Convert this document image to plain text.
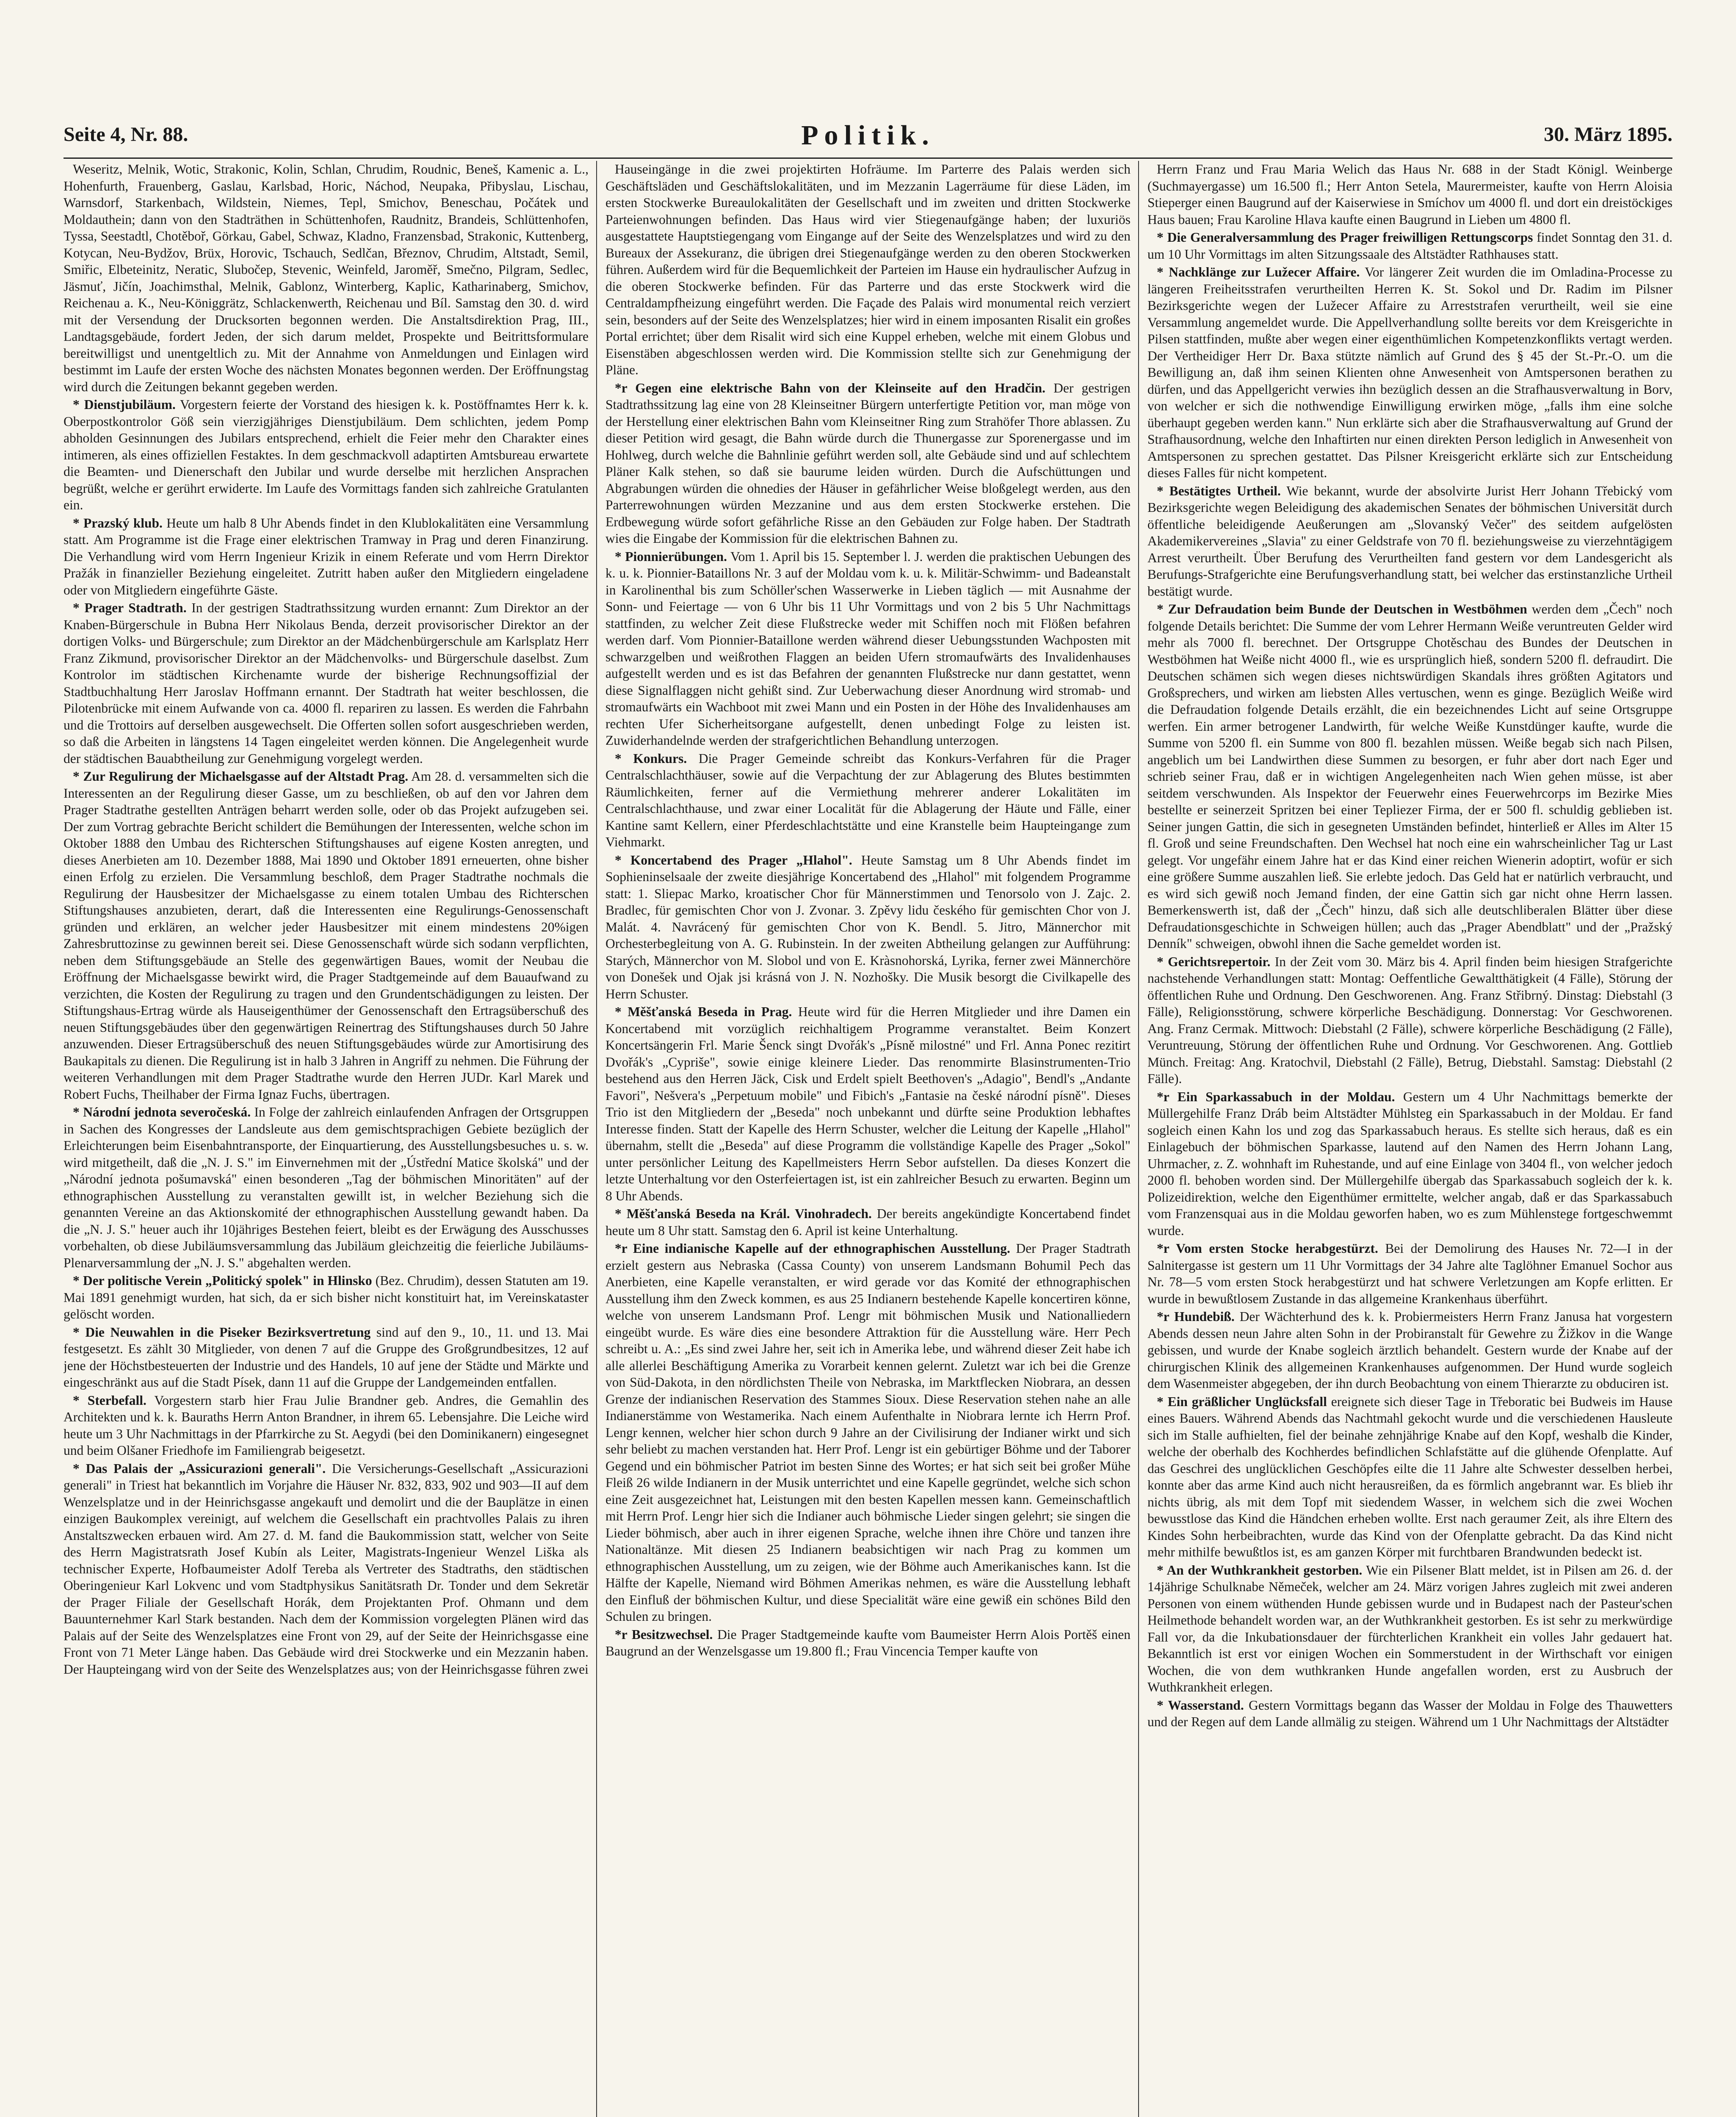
Seite 4, Nr. 88.	Politik.	30. März 1895.

Weseritz, Melnik, Wotic, Strakonic, Kolin, Schlan, Chrudim, Roudnic, Beneš, Kamenic a. L., Hohenfurth, Frauenberg, Gaslau, Karlsbad, Horic, Náchod, Neupaka, Přibyslau, Lischau, Warnsdorf, Starkenbach, Wildstein, Niemes, Tepl, Smichov, Beneschau, Počátek und Moldauthein; dann von den Stadträthen in Schüttenhofen, Raudnitz, Brandeis, Schlüttenhofen, Tyssa, Seestadtl, Chotěboř, Görkau, Gabel, Schwaz, Kladno, Franzensbad, Strakonic, Kuttenberg, Kotycan, Neu-Bydžov, Brüx, Horovic, Tschauch, Sedlčan, Březnov, Chrudim, Altstadt, Semil, Smiřic, Elbeteinitz, Neratic, Slubočep, Stevenic, Weinfeld, Jaroměř, Smečno, Pilgram, Sedlec, Jäsmuť, Jičín, Joachimsthal, Melnik, Gablonz, Winterberg, Kaplic, Katharinaberg, Smichov, Reichenau a. K., Neu-Königgrätz, Schlackenwerth, Reichenau und Bíl. Samstag den 30. d. wird mit der Versendung der Drucksorten begonnen werden. Die Anstaltsdirektion Prag, III., Landtagsgebäude, fordert Jeden, der sich darum meldet, Prospekte und Beitrittsformulare bereitwilligst und unentgeltlich zu. Mit der Annahme von Anmeldungen und Einlagen wird bestimmt im Laufe der ersten Woche des nächsten Monates begonnen werden. Der Eröffnungstag wird durch die Zeitungen bekannt gegeben werden.

* Dienstjubiläum. Vorgestern feierte der Vorstand des hiesigen k. k. Postöffnamtes Herr k. k. Oberpostkontrolor Göß sein vierzigjähriges Dienstjubiläum. Dem schlichten, jedem Pomp abholden Gesinnungen des Jubilars entsprechend, erhielt die Feier mehr den Charakter eines intimeren, als eines offiziellen Festaktes. In dem geschmackvoll adaptirten Amtsbureau erwartete die Beamten- und Dienerschaft den Jubilar und wurde derselbe mit herzlichen Ansprachen begrüßt, welche er gerührt erwiderte. Im Laufe des Vormittags fanden sich zahlreiche Gratulanten ein.

* Prazský klub. Heute um halb 8 Uhr Abends findet in den Klublokalitäten eine Versammlung statt. Am Programme ist die Frage einer elektrischen Tramway in Prag und deren Finanzirung. Die Verhandlung wird vom Herrn Ingenieur Krizik in einem Referate und vom Herrn Direktor Pražák in finanzieller Beziehung eingeleitet. Zutritt haben außer den Mitgliedern eingeladene oder von Mitgliedern eingeführte Gäste.

* Prager Stadtrath. In der gestrigen Stadtrathssitzung wurden ernannt: Zum Direktor an der Knaben-Bürgerschule in Bubna Herr Nikolaus Benda, derzeit provisorischer Direktor an der dortigen Volks- und Bürgerschule; zum Direktor an der Mädchenbürgerschule am Karlsplatz Herr Franz Zikmund, provisorischer Direktor an der Mädchenvolks- und Bürgerschule daselbst. Zum Kontrolor im städtischen Kirchenamte wurde der bisherige Rechnungsoffizial der Stadtbuchhaltung Herr Jaroslav Hoffmann ernannt. Der Stadtrath hat weiter beschlossen, die Pilotenbrücke mit einem Aufwande von ca. 4000 fl. repariren zu lassen. Es werden die Fahrbahn und die Trottoirs auf derselben ausgewechselt. Die Offerten sollen sofort ausgeschrieben werden, so daß die Arbeiten in längstens 14 Tagen eingeleitet werden können. Die Angelegenheit wurde der städtischen Bauabtheilung zur Genehmigung vorgelegt werden.

* Zur Regulirung der Michaelsgasse auf der Altstadt Prag. Am 28. d. versammelten sich die Interessenten an der Regulirung dieser Gasse, um zu beschließen, ob auf den vor Jahren dem Prager Stadtrathe gestellten Anträgen beharrt werden solle, oder ob das Projekt aufzugeben sei. Der zum Vortrag gebrachte Bericht schildert die Bemühungen der Interessenten, welche schon im Oktober 1888 den Umbau des Richterschen Stiftungshauses auf eigene Kosten anregten, und dieses Anerbieten am 10. Dezember 1888, Mai 1890 und Oktober 1891 erneuerten, ohne bisher einen Erfolg zu erzielen. Die Versammlung beschloß, dem Prager Stadtrathe nochmals die Regulirung der Hausbesitzer der Michaelsgasse zu einem totalen Umbau des Richterschen Stiftungshauses anzubieten, derart, daß die Interessenten eine Regulirungs-Genossenschaft gründen und erklären, an welcher jeder Hausbesitzer mit einem mindestens 20%igen Zahresbruttozinse zu gewinnen bereit sei. Diese Genossenschaft würde sich sodann verpflichten, neben dem Stiftungsgebäude an Stelle des gegenwärtigen Baues, womit der Neubau die Eröffnung der Michaelsgasse bewirkt wird, die Prager Stadtgemeinde auf dem Bauaufwand zu verzichten, die Kosten der Regulirung zu tragen und den Grundentschädigungen zu leisten. Der Stiftungshaus-Ertrag würde als Hauseigenthümer der Genossenschaft den Ertragsüberschuß des neuen Stiftungsgebäudes über den gegenwärtigen Reinertrag des Stiftungshauses durch 50 Jahre anzuwenden. Dieser Ertragsüberschuß des neuen Stiftungsgebäudes würde zur Amortisirung des Baukapitals zu dienen. Die Regulirung ist in halb 3 Jahren in Angriff zu nehmen. Die Führung der weiteren Verhandlungen mit dem Prager Stadtrathe wurde den Herren JUDr. Karl Marek und Robert Fuchs, Theilhaber der Firma Ignaz Fuchs, übertragen.

* Národní jednota severočeská. In Folge der zahlreich einlaufenden Anfragen der Ortsgruppen in Sachen des Kongresses der Landsleute aus dem gemischtsprachigen Gebiete bezüglich der Erleichterungen beim Eisenbahntransporte, der Einquartierung, des Ausstellungsbesuches u. s. w. wird mitgetheilt, daß die „N. J. S." im Einvernehmen mit der „Ústřední Matice školská" und der „Národní jednota pošumavská" einen besonderen „Tag der böhmischen Minoritäten" auf der ethnographischen Ausstellung zu veranstalten gewillt ist, in welcher Beziehung sich die genannten Vereine an das Aktionskomité der ethnographischen Ausstellung gewandt haben. Da die „N. J. S." heuer auch ihr 10jähriges Bestehen feiert, bleibt es der Erwägung des Ausschusses vorbehalten, ob diese Jubiläumsversammlung das Jubiläum gleichzeitig die feierliche Jubiläums-Plenarversammlung der „N. J. S." abgehalten werden.

* Der politische Verein „Politický spolek" in Hlinsko (Bez. Chrudim), dessen Statuten am 19. Mai 1891 genehmigt wurden, hat sich, da er sich bisher nicht konstituirt hat, im Vereinskataster gelöscht worden.

* Die Neuwahlen in die Pisеker Bezirksvertretung sind auf den 9., 10., 11. und 13. Mai festgesetzt. Es zählt 30 Mitglieder, von denen 7 auf die Gruppe des Großgrundbesitzes, 12 auf jene der Höchstbesteuerten der Industrie und des Handels, 10 auf jene der Städte und Märkte und eingeschränkt aus auf die Stadt Písek, dann 11 auf die Gruppe der Landgemeinden entfallen.

* Sterbefall. Vorgestern starb hier Frau Julie Brandner geb. Andres, die Gemahlin des Architekten und k. k. Bauraths Herrn Anton Brandner, in ihrem 65. Lebensjahre. Die Leiche wird heute um 3 Uhr Nachmittags in der Pfarrkirche zu St. Aegydi (bei den Dominikanern) eingesegnet und beim Olšaner Friedhofe im Familiengrab beigesetzt.

* Das Palais der „Assicurazioni generali". Die Versicherungs-Gesellschaft „Assicurazioni generali" in Triest hat bekanntlich im Vorjahre die Häuser Nr. 832, 833, 902 und 903—II auf dem Wenzelsplatze und in der Heinrichsgasse angekauft und demolirt und die der Bauplätze in einen einzigen Baukomplex vereinigt, auf welchem die Gesellschaft ein prachtvolles Palais zu ihren Anstaltszwecken erbauen wird. Am 27. d. M. fand die Baukommission statt, welcher von Seite des Herrn Magistratsrath Josef Kubín als Leiter, Magistrats-Ingenieur Wenzel Liška als technischer Experte, Hofbaumeister Adolf Tereba als Vertreter des Stadtraths, den städtischen Oberingenieur Karl Lokvenc und vom Stadtphysikus Sanitätsrath Dr. Tonder und dem Sekretär der Prager Filiale der Gesellschaft Horák, dem Projektanten Prof. Ohmann und dem Bauunternehmer Karl Stark bestanden. Nach dem der Kommission vorgelegten Plänen wird das Palais auf der Seite des Wenzelsplatzes eine Front von 29, auf der Seite der Heinrichsgasse eine Front von 71 Meter Länge haben. Das Gebäude wird drei Stockwerke und ein Mezzanin haben. Der Haupteingang wird von der Seite des Wenzelsplatzes aus; von der Heinrichsgasse führen zwei

Hauseingänge in die zwei projektirten Hofräume. Im Parterre des Palais werden sich Geschäftsläden und Geschäftslokalitäten, und im Mezzanin Lagerräume für diese Läden, im ersten Stockwerke Bureaulokalitäten der Gesellschaft und im zweiten und dritten Stockwerke Parteienwohnungen befinden. Das Haus wird vier Stiegenaufgänge haben; der luxuriös ausgestattete Hauptstiegengang vom Eingange auf der Seite des Wenzelsplatzes und wird zu den Bureaux der Assekuranz, die übrigen drei Stiegenaufgänge werden zu den oberen Stockwerken führen. Außerdem wird für die Bequemlichkeit der Parteien im Hause ein hydraulischer Aufzug in die oberen Stockwerke befinden. Für das Parterre und das erste Stockwerk wird die Centraldampfheizung eingeführt werden. Die Façade des Palais wird monumental reich verziert sein, besonders auf der Seite des Wenzelsplatzes; hier wird in einem imposanten Risalit ein großes Portal errichtet; über dem Risalit wird sich eine Kuppel erheben, welche mit einem Globus und Eisenstäben abgeschlossen werden wird. Die Kommission stellte sich zur Genehmigung der Pläne.

*r Gegen eine elektrische Bahn von der Kleinseite auf den Hradčin. Der gestrigen Stadtrathssitzung lag eine von 28 Kleinseitner Bürgern unterfertigte Petition vor, man möge von der Herstellung einer elektrischen Bahn vom Kleinseitner Ring zum Strahöfer Thore ablassen. Zu dieser Petition wird gesagt, die Bahn würde durch die Thunergasse zur Sporenergasse und im Hohlweg, durch welche die Bahnlinie geführt werden soll, alte Gebäude sind und auf schlechtem Pläner Kalk stehen, so daß sie baurume leiden würden. Durch die Aufschüttungen und Abgrabungen würden die ohnedies der Häuser in gefährlicher Weise bloßgelegt werden, aus den Parterrewohnungen würden Mezzanine und aus dem ersten Stockwerke erstehen. Die Erdbewegung würde sofort gefährliche Risse an den Gebäuden zur Folge haben. Der Stadtrath wies die Eingabe der Kommission für die elektrischen Bahnen zu.

* Pionnierübungen. Vom 1. April bis 15. September l. J. werden die praktischen Uebungen des k. u. k. Pionnier-Bataillons Nr. 3 auf der Moldau vom k. u. k. Militär-Schwimm- und Badeanstalt in Karolinenthal bis zum Schöller'schen Wasserwerke in Lieben täglich — mit Ausnahme der Sonn- und Feiertage — von 6 Uhr bis 11 Uhr Vormittags und von 2 bis 5 Uhr Nachmittags stattfinden, zu welcher Zeit diese Flußstrecke weder mit Schiffen noch mit Flößen befahren werden darf. Vom Pionnier-Bataillone werden während dieser Uebungsstunden Wachposten mit schwarzgelben und weißrothen Flaggen an beiden Ufern stromaufwärts des Invalidenhauses aufgestellt werden und es ist das Befahren der genannten Flußstrecke nur dann gestattet, wenn diese Signalflaggen nicht gehißt sind. Zur Ueberwachung dieser Anordnung wird stromab- und stromaufwärts ein Wachboot mit zwei Mann und ein Posten in der Höhe des Invalidenhauses am rechten Ufer Sicherheitsorgane aufgestellt, denen unbedingt Folge zu leisten ist. Zuwiderhandelnde werden der strafgerichtlichen Behandlung unterzogen.

* Konkurs. Die Prager Gemeinde schreibt das Konkurs-Verfahren für die Prager Centralschlachthäuser, sowie auf die Verpachtung der zur Ablagerung des Blutes bestimmten Räumlichkeiten, ferner auf die Vermiethung mehrerer anderer Lokalitäten im Centralschlachthause, und zwar einer Localität für die Ablagerung der Häute und Fälle, einer Kantine samt Kellern, einer Pferdeschlachtstätte und eine Kranstelle beim Haupteingange zum Viehmarkt.

* Koncertabend des Prager „Hlahol". Heute Samstag um 8 Uhr Abends findet im Sophieninselsaale der zweite diesjährige Koncertabend des „Hlahol" mit folgendem Programme statt: 1. Sliepac Marko, kroatischer Chor für Männerstimmen und Tenorsolo von J. Zajc. 2. Bradlec, für gemischten Chor von J. Zvonar. 3. Zpěvy lidu českého für gemischten Chor von J. Malát. 4. Navrácený für gemischten Chor von K. Bendl. 5. Jitro, Männerchor mit Orchesterbegleitung von A. G. Rubinstein. In der zweiten Abtheilung gelangen zur Aufführung: Starých, Männerchor von M. Slobol und von E. Kràsnohorská, Lyrika, ferner zwei Männerchöre von Donešek und Ojak jsi krásná von J. N. Nozhošky. Die Musik besorgt die Civilkapelle des Herrn Schuster.

* Měšťanská Beseda in Prag. Heute wird für die Herren Mitglieder und ihre Damen ein Koncertabend mit vorzüglich reichhaltigem Programme veranstaltet. Beim Konzert Koncertsängerin Frl. Marie Šenck singt Dvořák's „Písně milostné" und Frl. Anna Ponec rezitirt Dvořák's „Cypriše", sowie einige kleinere Lieder. Das renommirte Blasinstrumenten-Trio bestehend aus den Herren Jäck, Cisk und Erdelt spielt Beethoven's „Adagio", Bendl's „Andante Favori", Nešvera's „Perpetuum mobile" und Fibich's „Fantasie na české národní písně". Dieses Trio ist den Mitgliedern der „Beseda" noch unbekannt und dürfte seine Produktion lebhaftes Interesse finden. Statt der Kapelle des Herrn Schuster, welcher die Leitung der Kapelle „Hlahol" übernahm, stellt die „Beseda" auf diese Programm die vollständige Kapelle des Prager „Sokol" unter persönlicher Leitung des Kapellmeisters Herrn Sebor aufstellen. Da dieses Konzert die letzte Unterhaltung vor den Osterfeiertagen ist, ist ein zahlreicher Besuch zu erwarten. Beginn um 8 Uhr Abends.

* Měšťanská Beseda na Král. Vinohradech. Der bereits angekündigte Koncertabend findet heute um 8 Uhr statt. Samstag den 6. April ist keine Unterhaltung.

*r Eine indianische Kapelle auf der ethnographischen Ausstellung. Der Prager Stadtrath erzielt gestern aus Nebraska (Cassa County) von unserem Landsmann Bohumil Pech das Anerbieten, eine Kapelle veranstalten, er wird gerade vor das Komité der ethnographischen Ausstellung ihm den Zweck kommen, es aus 25 Indianern bestehende Kapelle koncertiren könne, welche von unserem Landsmann Prof. Lengr mit böhmischen Musik und Nationalliedern eingeübt wurde. Es wäre dies eine besondere Attraktion für die Ausstellung wäre. Herr Pech schreibt u. A.: „Es sind zwei Jahre her, seit ich in Amerika lebe, und während dieser Zeit habe ich alle allerlei Beschäftigung Amerika zu Vorarbeit kennen gelernt. Zuletzt war ich bei die Grenze von Süd-Dakota, in den nördlichsten Theile von Nebraska, im Marktflecken Niobrara, an dessen Grenze der indianischen Reservation des Stammes Sioux. Diese Reservation stehen nahe an alle Indianerstämme von Westamerika. Nach einem Aufenthalte in Niobrara lernte ich Herrn Prof. Lengr kennen, welcher hier schon durch 9 Jahre an der Civilisirung der Indianer wirkt und sich sehr beliebt zu machen verstanden hat. Herr Prof. Lengr ist ein gebürtiger Böhme und der Taborer Gegend und ein böhmischer Patriot im besten Sinne des Wortes; er hat sich seit bei großer Mühe Fleiß 26 wilde Indianern in der Musik unterrichtet und eine Kapelle gegründet, welche sich schon eine Zeit ausgezeichnet hat, Leistungen mit den besten Kapellen messen kann. Gemeinschaftlich mit Herrn Prof. Lengr hier sich die Indianer auch böhmische Lieder singen gelehrt; sie singen die Lieder böhmisch, aber auch in ihrer eigenen Sprache, welche ihnen ihre Chöre und tanzen ihre Nationaltänze. Mit diesen 25 Indianern beabsichtigen wir nach Prag zu kommen um ethnographischen Ausstellung, um zu zeigen, wie der Böhme auch Amerikanisches kann. Ist die Hälfte der Kapelle, Niemand wird Böhmen Amerikas nehmen, es wäre die Ausstellung lebhaft den Einfluß der böhmischen Kultur, und diese Specialität wäre eine gewiß ein schönes Bild den Schulen zu bringen.

*r Besitzwechsel. Die Prager Stadtgemeinde kaufte vom Baumeister Herrn Alois Portěš einen Baugrund an der Wenzelsgasse um 19.800 fl.; Frau Vincencia Temper kaufte von

Herrn Franz und Frau Maria Welich das Haus Nr. 688 in der Stadt Königl. Weinberge (Suchmayergasse) um 16.500 fl.; Herr Anton Setela, Maurermeister, kaufte von Herrn Aloisia Stieperger einen Baugrund auf der Kaiserwiese in Smíchov um 4000 fl. und dort ein dreistöckiges Haus bauen; Frau Karoline Hlava kaufte einen Baugrund in Lieben um 4800 fl.

* Die Generalversammlung des Prager freiwilligen Rettungscorps findet Sonntag den 31. d. um 10 Uhr Vormittags im alten Sitzungssaale des Altstädter Rathhauses statt.

* Nachklänge zur Lužecer Affaire. Vor längerer Zeit wurden die im Omladina-Processe zu längeren Freiheitsstrafen verurtheilten Herren K. St. Sokol und Dr. Radim im Pilsner Bezirksgerichte wegen der Lužecer Affaire zu Arreststrafen verurtheilt, weil sie eine Versammlung angemeldet wurde. Die Appellverhandlung sollte bereits vor dem Kreisgerichte in Pilsen stattfinden, mußte aber wegen einer eigenthümlichen Kompetenzkonflikts vertagt werden. Der Vertheidiger Herr Dr. Baxa stützte nämlich auf Grund des § 45 der St.-Pr.-O. um die Bewilligung an, daß ihm seinen Klienten ohne Anwesenheit von Amtspersonen berathen zu dürfen, und das Appellgericht verwies ihn bezüglich dessen an die Strafhausverwaltung in Borv, von welcher er sich die nothwendige Einwilligung erwirken möge, „falls ihm eine solche überhaupt gegeben werden kann." Nun erklärte sich aber die Strafhausverwaltung auf Grund der Strafhausordnung, welche den Inhaftirten nur einen direkten Person lediglich in Anwesenheit von Amtspersonen zu sprechen gestattet. Das Pilsner Kreisgericht erklärte sich zur Entscheidung dieses Falles für nicht kompetent.

* Bestätigtes Urtheil. Wie bekannt, wurde der absolvirte Jurist Herr Johann Třebický vom Bezirksgerichte wegen Beleidigung des akademischen Senates der böhmischen Universität durch öffentliche beleidigende Aeußerungen am „Slovanský Večer" des seitdem aufgelösten Akademikervereines „Slavia" zu einer Geldstrafe von 70 fl. beziehungsweise zu vierzehntägigem Arrest verurtheilt. Über Berufung des Verurtheilten fand gestern vor dem Landesgericht als Berufungs-Strafgerichte eine Berufungsverhandlung statt, bei welcher das erstinstanzliche Urtheil bestätigt wurde.

* Zur Defraudation beim Bunde der Deutschen in Westböhmen werden dem „Čech" noch folgende Details berichtet: Die Summe der vom Lehrer Hermann Weiße veruntreuten Gelder wird mehr als 7000 fl. berechnet. Der Ortsgruppe Chotěschau des Bundes der Deutschen in Westböhmen hat Weiße nicht 4000 fl., wie es ursprünglich hieß, sondern 5200 fl. defraudirt. Die Deutschen schämen sich wegen dieses nichtswürdigen Skandals ihres größten Agitators und Großsprechers, und wirken am liebsten Alles vertuschen, wenn es ginge. Bezüglich Weiße wird die Defraudation folgende Details erzählt, die ein bezeichnendes Licht auf seine Ortsgruppe werfen. Ein armer betrogener Landwirth, für welche Weiße Kunstdünger kaufte, wurde die Summe von 5200 fl. ein Summe von 800 fl. bezahlen müssen. Weiße begab sich nach Pilsen, angeblich um bei Landwirthen diese Summen zu besorgen, er fuhr aber dort nach Eger und schrieb seiner Frau, daß er in wichtigen Angelegenheiten nach Wien gehen müsse, ist aber seitdem verschwunden. Als Inspektor der Feuerwehr eines Feuerwehrcorps im Bezirke Mies bestellte er seinerzeit Spritzen bei einer Tepliezer Firma, der er 500 fl. schuldig geblieben ist. Seiner jungen Gattin, die sich in gesegneten Umständen befindet, hinterließ er Alles im Alter 15 fl. Groß und seine Freundschaften. Den Wechsel hat noch eine ein wahrscheinlicher Tag ur Last gelegt. Vor ungefähr einem Jahre hat er das Kind einer reichen Wienerin adoptirt, wofür er sich eine größere Summe auszahlen ließ. Sie erlebte jedoch. Das Geld hat er natürlich verbraucht, und es wird sich gewiß noch Jemand finden, der eine Gattin sich gar nicht ohne Herrn lassen. Bemerkenswerth ist, daß der „Čech" hinzu, daß sich alle deutschliberalen Blätter über diese Defraudationsgeschichte in Schweigen hüllen; auch das „Prager Abendblatt" und der „Pražský Denník" schweigen, obwohl ihnen die Sache gemeldet worden ist.

* Gerichtsrepertoir. In der Zeit vom 30. März bis 4. April finden beim hiesigen Strafgerichte nachstehende Verhandlungen statt: Montag: Oeffentliche Gewaltthätigkeit (4 Fälle), Störung der öffentlichen Ruhe und Ordnung. Den Geschworenen. Ang. Franz Střibrný. Dinstag: Diebstahl (3 Fälle), Religionsstörung, schwere körperliche Beschädigung. Donnerstag: Vor Geschworenen. Ang. Franz Cermak. Mittwoch: Diebstahl (2 Fälle), schwere körperliche Beschädigung (2 Fälle), Veruntreuung, Störung der öffentlichen Ruhe und Ordnung. Vor Geschworenen. Ang. Gottlieb Münch. Freitag: Ang. Kratochvil, Diebstahl (2 Fälle), Betrug, Diebstahl. Samstag: Diebstahl (2 Fälle).

*r Ein Sparkassabuch in der Moldau. Gestern um 4 Uhr Nachmittags bemerkte der Müllergehilfe Franz Dráb beim Altstädter Mühlsteg ein Sparkassabuch in der Moldau. Er fand sogleich einen Kahn los und zog das Sparkassabuch heraus. Es stellte sich heraus, daß es ein Einlagebuch der böhmischen Sparkasse, lautend auf den Namen des Herrn Johann Lang, Uhrmacher, z. Z. wohnhaft im Ruhestande, und auf eine Einlage von 3404 fl., von welcher jedoch 2000 fl. behoben worden sind. Der Müllergehilfe übergab das Sparkassabuch sogleich der k. k. Polizeidirektion, welche den Eigenthümer ermittelte, welcher angab, daß er das Sparkassabuch vom Franzensquai aus in die Moldau geworfen haben, wo es zum Mühlenstege fortgeschwemmt wurde.

*r Vom ersten Stocke herabgestürzt. Bei der Demolirung des Hauses Nr. 72—I in der Salnitergasse ist gestern um 11 Uhr Vormittags der 34 Jahre alte Taglöhner Emanuel Sochor aus Nr. 78—5 vom ersten Stock herabgestürzt und hat schwere Verletzungen am Kopfe erlitten. Er wurde in bewußtlosem Zustande in das allgemeine Krankenhaus überführt.

*r Hundebiß. Der Wächterhund des k. k. Probiermeisters Herrn Franz Janusa hat vorgestern Abends dessen neun Jahre alten Sohn in der Probiranstalt für Gewehre zu Žižkov in die Wange gebissen, und wurde der Knabe sogleich ärztlich behandelt. Gestern wurde der Knabe auf der chirurgischen Klinik des allgemeinen Krankenhauses aufgenommen. Der Hund wurde sogleich dem Wasenmeister abgegeben, der ihn durch Beobachtung von einem Thierarzte zu obduciren ist.

* Ein gräßlicher Unglücksfall ereignete sich dieser Tage in Třeboratic bei Budweis im Hause eines Bauers. Während Abends das Nachtmahl gekocht wurde und die verschiedenen Hausleute sich im Stalle aufhielten, fiel der beinahe zehnjährige Knabe auf den Kopf, weshalb die Kinder, welche der oberhalb des Kochherdes befindlichen Schlafstätte auf die glühende Ofenplatte. Auf das Geschrei des unglücklichen Geschöpfes eilte die 11 Jahre alte Schwester desselben herbei, konnte aber das arme Kind auch nicht herausreißen, da es förmlich angebrannt war. Es blieb ihr nichts übrig, als mit dem Topf mit siedendem Wasser, in welchem sich die zwei Wochen bewusstlose das Kind die Händchen erheben wollte. Erst nach geraumer Zeit, als ihre Eltern des Kindes Sohn herbeibrachten, wurde das Kind von der Ofenplatte gebracht. Da das Kind nicht mehr mithilfe bewußtlos ist, es am ganzen Körper mit furchtbaren Brandwunden bedeckt ist.

* An der Wuthkrankheit gestorben. Wie ein Pilsener Blatt meldet, ist in Pilsen am 26. d. der 14jährige Schulknabe Němeček, welcher am 24. März vorigen Jahres zugleich mit zwei anderen Personen von einem wüthenden Hunde gebissen wurde und in Budapest nach der Pasteur'schen Heilmethode behandelt worden war, an der Wuthkrankheit gestorben. Es ist sehr zu merkwürdige Fall vor, da die Inkubationsdauer der fürchterlichen Krankheit ein volles Jahr gedauert hat. Bekanntlich ist erst vor einigen Wochen ein Sommerstudent in der Wirthschaft vor einigen Wochen, die von dem wuthkranken Hunde angefallen worden, erst zu Ausbruch der Wuthkrankheit erlegen.

* Wasserstand. Gestern Vormittags begann das Wasser der Moldau in Folge des Thauwetters und der Regen auf dem Lande allmälig zu steigen. Während um 1 Uhr Nachmittags der Altstädter
